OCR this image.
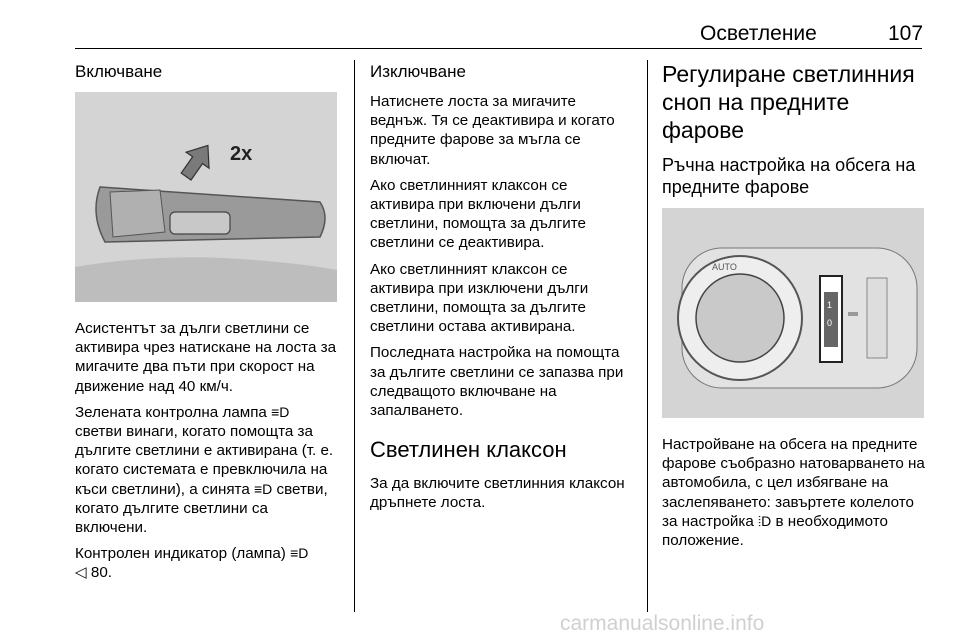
Осветление	107
Включване
2x

Асистентът за дълги светлини се активира чрез натискане на лоста за мигачите два пъти при скорост на движение над 40 км/ч.

Зелената контролна лампа ≡D светви винаги, когато помощта за дългите светлини е активирана (т. е. когато системата е превключила на къси светлини), а синята ≡D светви, когато дългите светлини са включени.

Контролен индикатор (лампа) ≡D
◁ 80.

Изключване

Натиснете лоста за мигачите веднъж. Тя се деактивира и когато предните фарове за мъгла се включат.

Ако светлинният клаксон се активира при включени дълги светлини, помощта за дългите светлини се деактивира.

Ако светлинният клаксон се активира при изключени дълги светлини, помощта за дългите светлини остава активирана.

Последната настройка на помощта за дългите светлини се запазва при следващото включване на запалването.

Светлинен клаксон

За да включите светлинния клаксон дръпнете лоста.

Регулиране светлинния сноп на предните фарове
Ръчна настройка на обсега на предните фарове
AUTO
1
0

Настройване на обсега на предните фарове съобразно натоварването на автомобила, с цел избягване на заслепяването: завъртете колелото за настройка ⦙D в необходимото положение.

carmanualsonline.info
